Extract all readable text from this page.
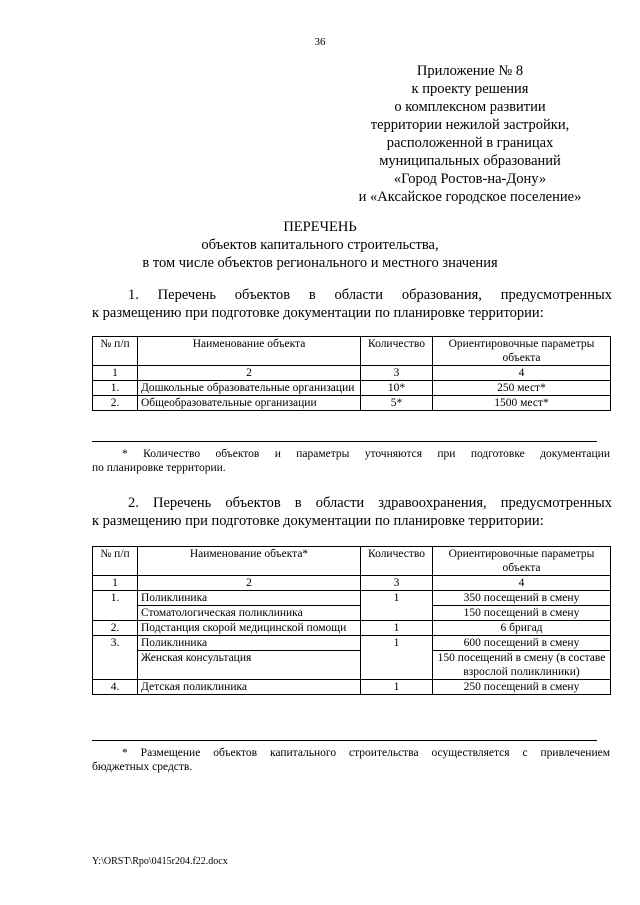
36
Приложение № 8
к проекту решения
о комплексном развитии
территории нежилой застройки,
расположенной в границах
муниципальных образований
«Город Ростов-на-Дону»
и «Аксайское городское поселение»
ПЕРЕЧЕНЬ
объектов капитального строительства,
в том числе объектов регионального и местного значения
1. Перечень объектов в области образования, предусмотренных
к размещению при подготовке документации по планировке территории:
№ п/п	Наименование объекта	Количество	Ориентировочные параметры объекта
1	2	3	4
1.	Дошкольные образовательные организации	10*	250 мест*
2.	Общеобразовательные организации	5*	1500 мест*
* Количество объектов и параметры уточняются при подготовке документации
по планировке территории.
2. Перечень объектов в области здравоохранения, предусмотренных
к размещению при подготовке документации по планировке территории:
№ п/п	Наименование объекта*	Количество	Ориентировочные параметры объекта
1	2	3	4
1.	Поликлиника	1	350 посещений в смену
	Стоматологическая поликлиника		150 посещений в смену
2.	Подстанция скорой медицинской помощи	1	6 бригад
3.	Поликлиника	1	600 посещений в смену
	Женская консультация		150 посещений в смену (в составе взрослой поликлиники)
4.	Детская поликлиника	1	250 посещений в смену
* Размещение объектов капитального строительства осуществляется с привлечением
бюджетных средств.
Y:\ORST\Rpo\0415r204.f22.docx
